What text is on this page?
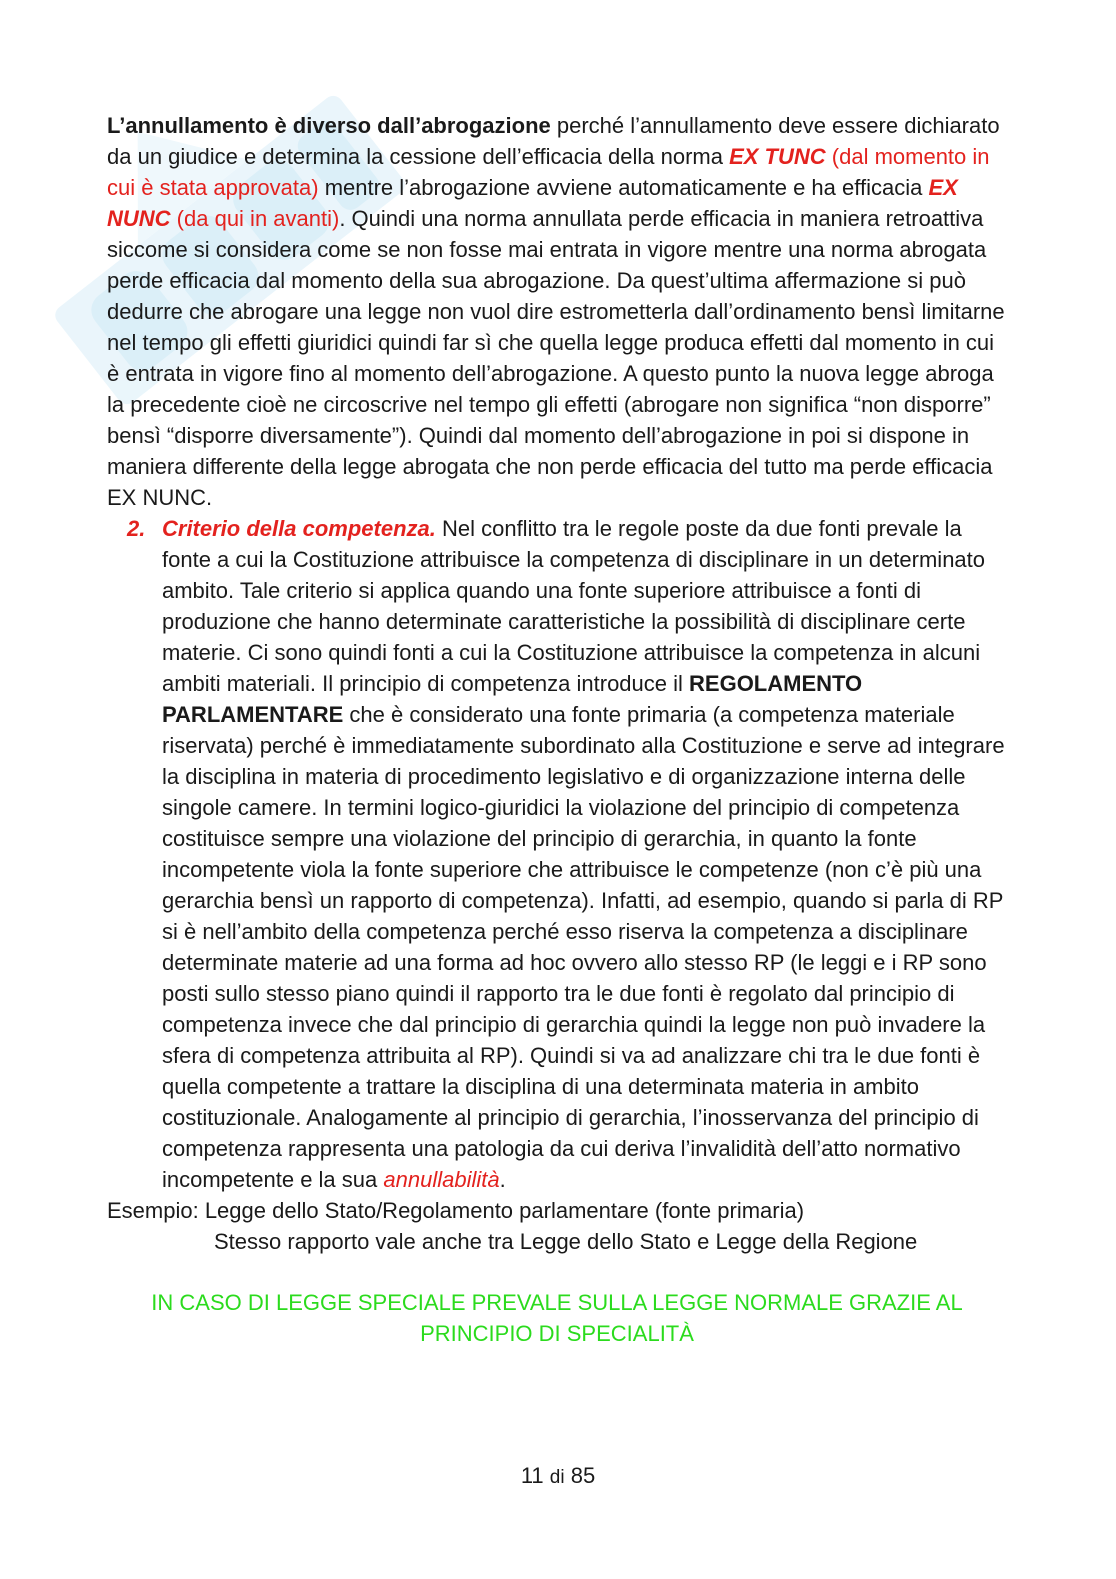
L’annullamento è diverso dall’abrogazione perché l’annullamento deve essere dichiarato da un giudice e determina la cessione dell’efficacia della norma EX TUNC (dal momento in cui è stata approvata) mentre l’abrogazione avviene automaticamente e ha efficacia EX NUNC (da qui in avanti). Quindi una norma annullata perde efficacia in maniera retroattiva siccome si considera come se non fosse mai entrata in vigore mentre una norma abrogata perde efficacia dal momento della sua abrogazione. Da quest’ultima affermazione si può dedurre che abrogare una legge non vuol dire estrometterla dall’ordinamento bensì limitarne nel tempo gli effetti giuridici quindi far sì che quella legge produca effetti dal momento in cui è entrata in vigore fino al momento dell’abrogazione. A questo punto la nuova legge abroga la precedente cioè ne circoscrive nel tempo gli effetti (abrogare non significa “non disporre” bensì “disporre diversamente”). Quindi dal momento dell’abrogazione in poi si dispone in maniera differente della legge abrogata che non perde efficacia del tutto ma perde efficacia EX NUNC.

2. Criterio della competenza. Nel conflitto tra le regole poste da due fonti prevale la fonte a cui la Costituzione attribuisce la competenza di disciplinare in un determinato ambito. Tale criterio si applica quando una fonte superiore attribuisce a fonti di produzione che hanno determinate caratteristiche la possibilità di disciplinare certe materie. Ci sono quindi fonti a cui la Costituzione attribuisce la competenza in alcuni ambiti materiali. Il principio di competenza introduce il REGOLAMENTO PARLAMENTARE che è considerato una fonte primaria (a competenza materiale riservata) perché è immediatamente subordinato alla Costituzione e serve ad integrare la disciplina in materia di procedimento legislativo e di organizzazione interna delle singole camere. In termini logico-giuridici la violazione del principio di competenza costituisce sempre una violazione del principio di gerarchia, in quanto la fonte incompetente viola la fonte superiore che attribuisce le competenze (non c’è più una gerarchia bensì un rapporto di competenza). Infatti, ad esempio, quando si parla di RP si è nell’ambito della competenza perché esso riserva la competenza a disciplinare determinate materie ad una forma ad hoc ovvero allo stesso RP (le leggi e i RP sono posti sullo stesso piano quindi il rapporto tra le due fonti è regolato dal principio di competenza invece che dal principio di gerarchia quindi la legge non può invadere la sfera di competenza attribuita al RP). Quindi si va ad analizzare chi tra le due fonti è quella competente a trattare la disciplina di una determinata materia in ambito costituzionale. Analogamente al principio di gerarchia, l’inosservanza del principio di competenza rappresenta una patologia da cui deriva l’invalidità dell’atto normativo incompetente e la sua annullabilità.

Esempio: Legge dello Stato/Regolamento parlamentare (fonte primaria)

Stesso rapporto vale anche tra Legge dello Stato e Legge della Regione

IN CASO DI LEGGE SPECIALE PREVALE SULLA LEGGE NORMALE GRAZIE AL PRINCIPIO DI SPECIALITÀ

11 di 85
